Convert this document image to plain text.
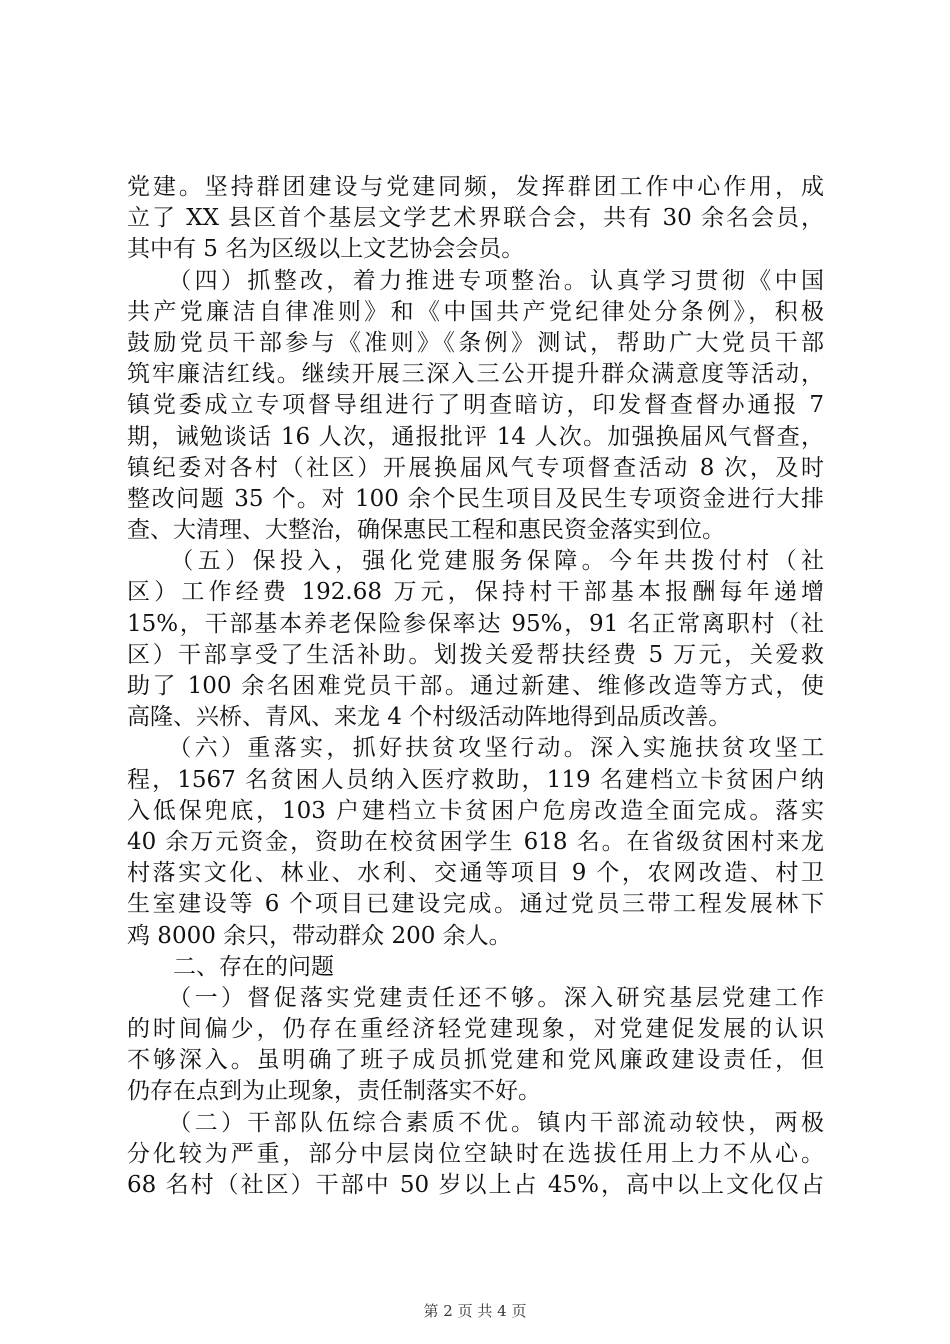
党建。坚持群团建设与党建同频，发挥群团工作中心作用，成
立了 XX 县区首个基层文学艺术界联合会，共有 30 余名会员，
其中有 5 名为区级以上文艺协会会员。
　　（四）抓整改，着力推进专项整治。认真学习贯彻《中国
共产党廉洁自律准则》和《中国共产党纪律处分条例》，积极
鼓励党员干部参与《准则》《条例》测试，帮助广大党员干部
筑牢廉洁红线。继续开展三深入三公开提升群众满意度等活动，
镇党委成立专项督导组进行了明查暗访，印发督查督办通报 7
期，诫勉谈话 16 人次，通报批评 14 人次。加强换届风气督查，
镇纪委对各村（社区）开展换届风气专项督查活动 8 次，及时
整改问题 35 个。对 100 余个民生项目及民生专项资金进行大排
查、大清理、大整治，确保惠民工程和惠民资金落实到位。
　　（五）保投入，强化党建服务保障。今年共拨付村（社
区）工作经费 192.68 万元，保持村干部基本报酬每年递增
15%，干部基本养老保险参保率达 95%，91 名正常离职村（社
区）干部享受了生活补助。划拨关爱帮扶经费 5 万元，关爱救
助了 100 余名困难党员干部。通过新建、维修改造等方式，使
高隆、兴桥、青风、来龙 4 个村级活动阵地得到品质改善。
　　（六）重落实，抓好扶贫攻坚行动。深入实施扶贫攻坚工
程，1567 名贫困人员纳入医疗救助，119 名建档立卡贫困户纳
入低保兜底，103 户建档立卡贫困户危房改造全面完成。落实
40 余万元资金，资助在校贫困学生 618 名。在省级贫困村来龙
村落实文化、林业、水利、交通等项目 9 个，农网改造、村卫
生室建设等 6 个项目已建设完成。通过党员三带工程发展林下
鸡 8000 余只，带动群众 200 余人。
　　二、存在的问题
　　（一）督促落实党建责任还不够。深入研究基层党建工作
的时间偏少，仍存在重经济轻党建现象，对党建促发展的认识
不够深入。虽明确了班子成员抓党建和党风廉政建设责任，但
仍存在点到为止现象，责任制落实不好。
　　（二）干部队伍综合素质不优。镇内干部流动较快，两极
分化较为严重，部分中层岗位空缺时在选拔任用上力不从心。
68 名村（社区）干部中 50 岁以上占 45%，高中以上文化仅占
第 2 页 共 4 页
